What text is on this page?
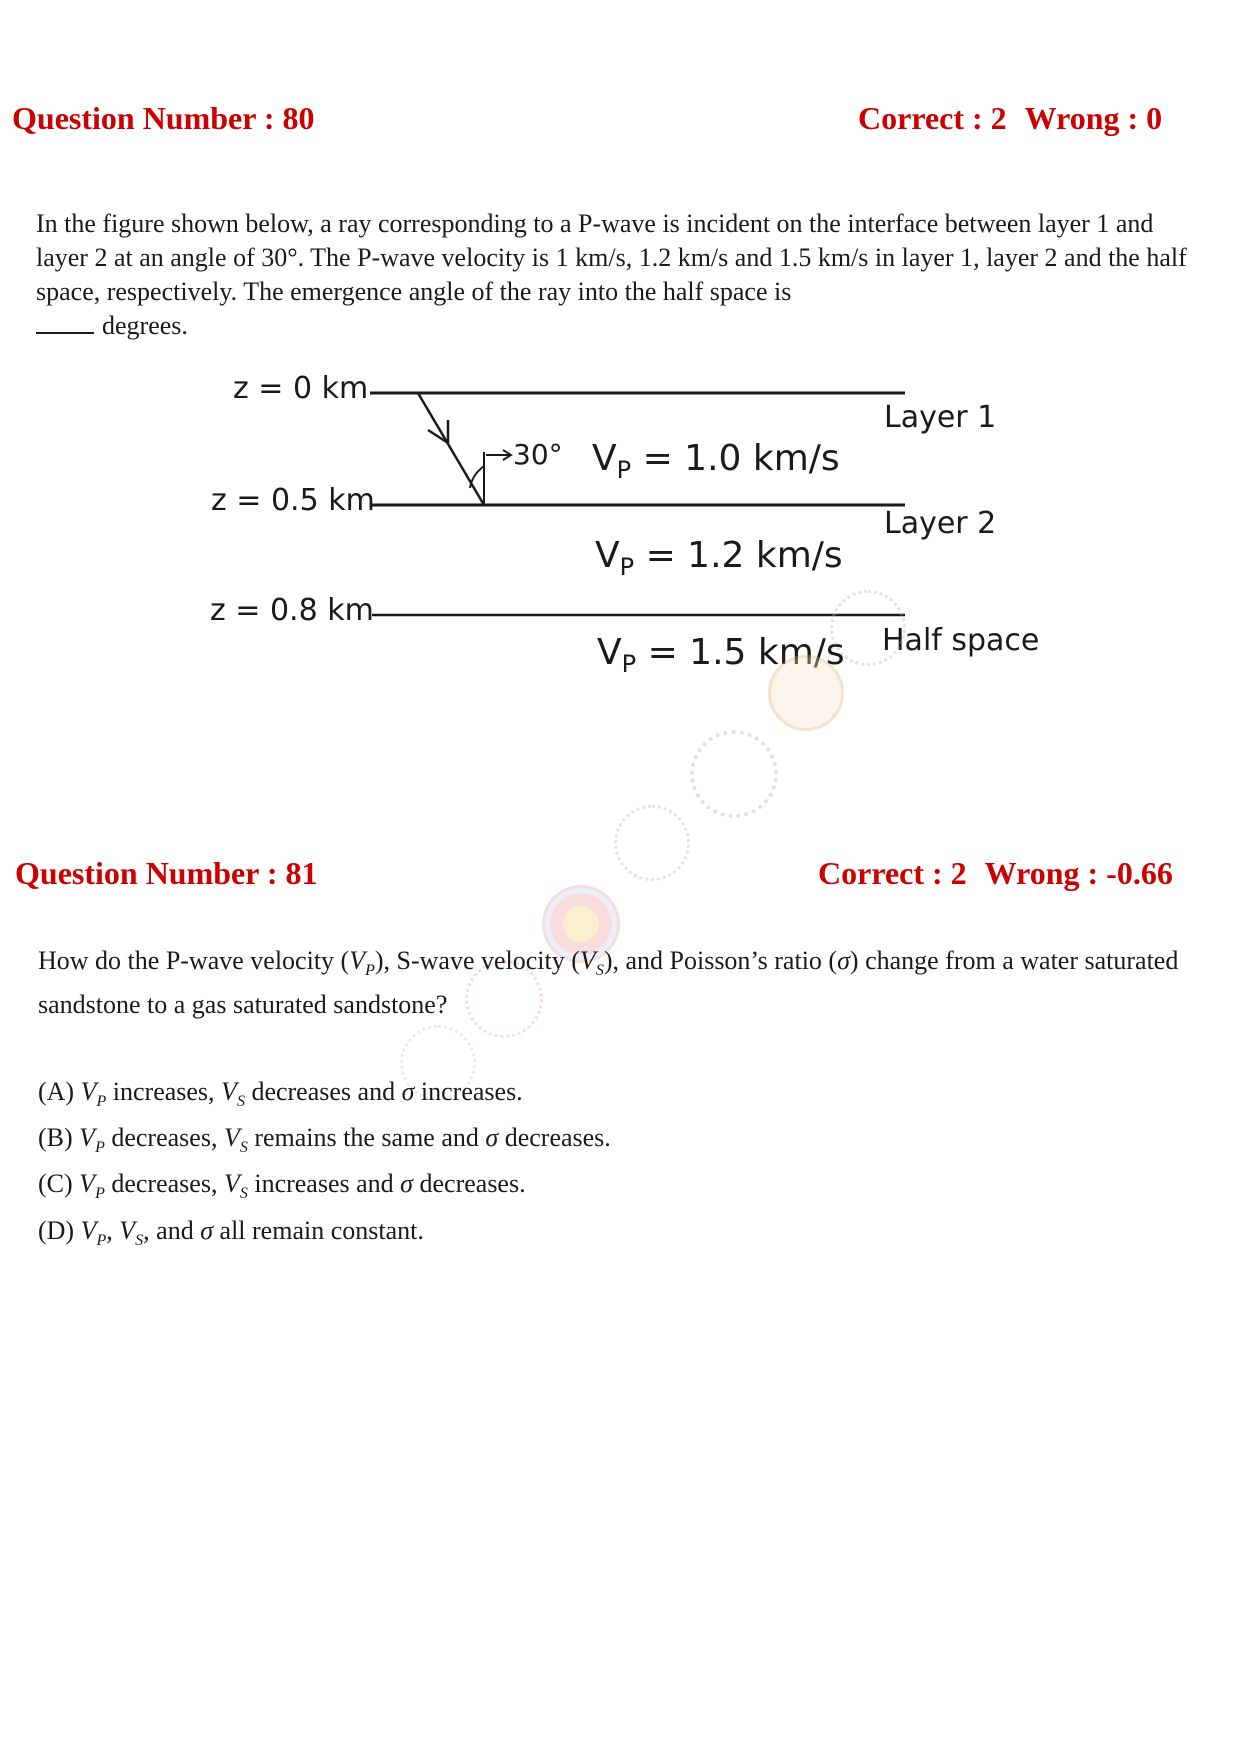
Question Number : 80	Correct : 2 Wrong : 0

In the figure shown below, a ray corresponding to a P-wave is incident on the interface between layer 1 and layer 2 at an angle of 30°. The P-wave velocity is 1 km/s, 1.2 km/s and 1.5 km/s in layer 1, layer 2 and the half space, respectively. The emergence angle of the ray into the half space is
degrees.

z = 0 km
z = 0.5 km
z = 0.8 km
30° $V_P = 1.0$ km/s
$V_P = 1.2$ km/s
$V_P = 1.5$ km/s
Layer 1
Layer 2
Half space
Question Number : 81	Correct : 2 Wrong : -0.66

How do the P-wave velocity $(V_P)$, S-wave velocity $(V_S)$, and Poisson’s ratio (σ) change from a water saturated sandstone to a gas saturated sandstone?

(A) $V_P$ increases, $V_S$ decreases and σ increases.
(B) $V_P$ decreases, $V_S$ remains the same and σ decreases.
(C) $V_P$ decreases, $V_S$ increases and σ decreases.
(D) $V_P$, $V_S$, and σ all remain constant.
